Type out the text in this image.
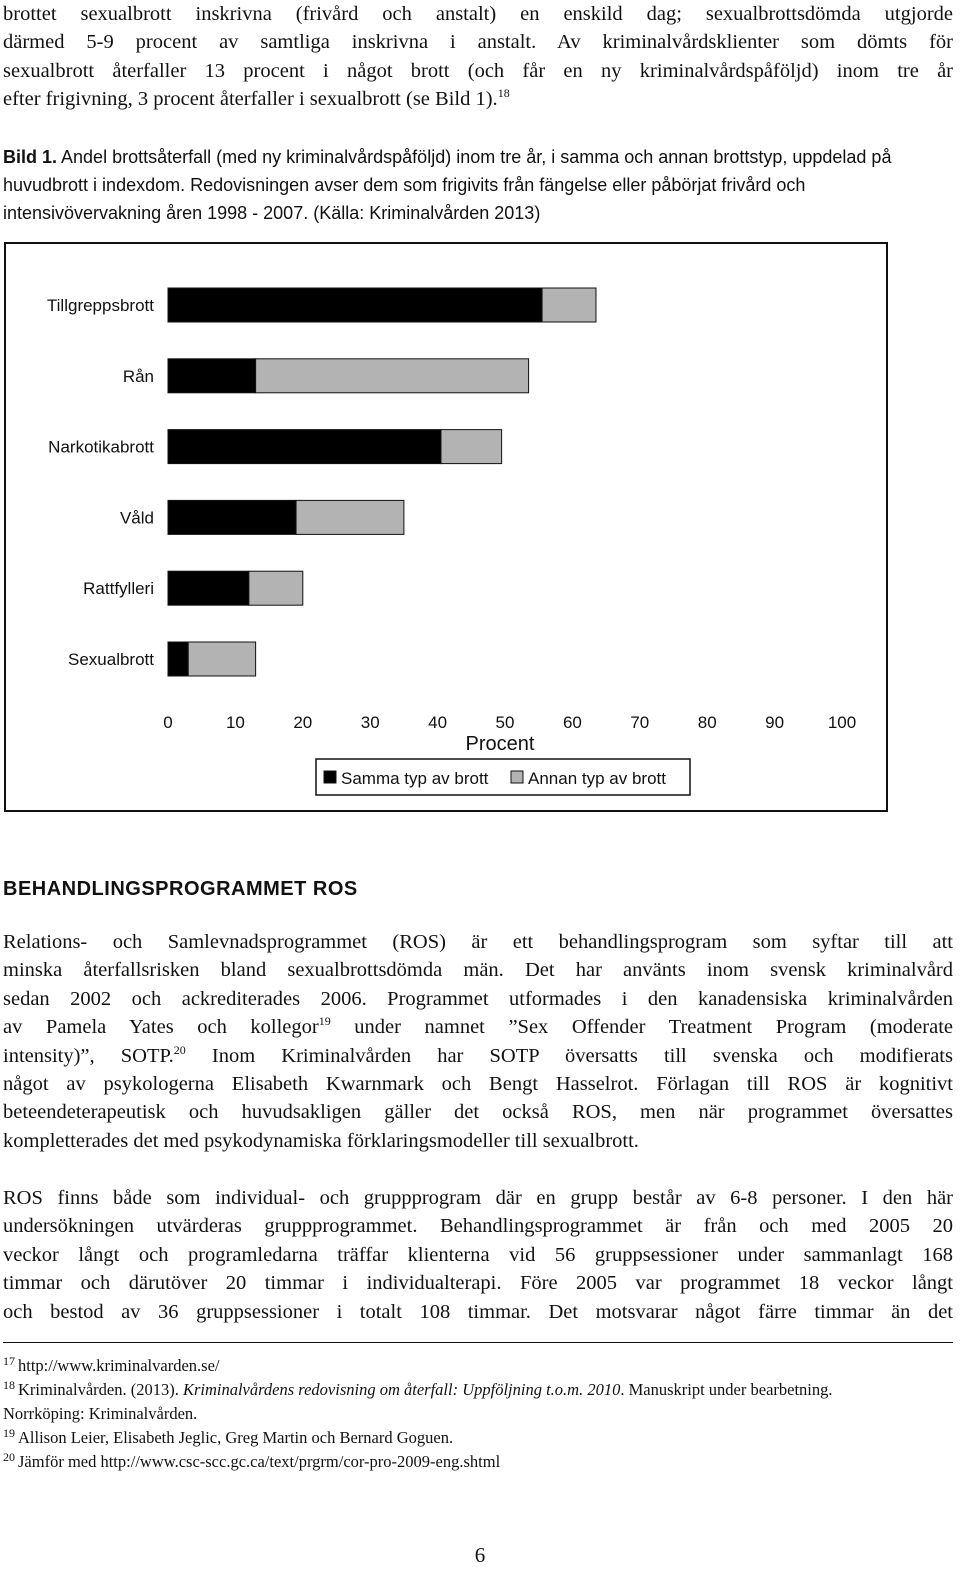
brottet sexualbrott inskrivna (frivård och anstalt) en enskild dag; sexualbrottsdömda utgjorde
därmed 5-9 procent av samtliga inskrivna i anstalt. Av kriminalvårdsklienter som dömts för
sexualbrott återfaller 13 procent i något brott (och får en ny kriminalvårdspåföljd) inom tre år
efter frigivning, 3 procent återfaller i sexualbrott (se Bild 1).$^{18}$
Bild 1. Andel brottsåterfall (med ny kriminalvårdspåföljd) inom tre år, i samma och annan brottstyp, uppdelad på huvudbrott i indexdom. Redovisningen avser dem som frigivits från fängelse eller påbörjat frivård och intensivövervakning åren 1998 - 2007. (Källa: Kriminalvården 2013)
Tillgreppsbrott
Rån
Narkotikabrott
Våld
Rattfylleri
Sexualbrott
0	10	20	30	40	50	60	70	80	90	100
Procent
Samma typ av brott Annan typ av brott
BEHANDLINGSPROGRAMMET ROS
Relations- och Samlevnadsprogrammet (ROS) är ett behandlingsprogram som syftar till att
minska återfallsrisken bland sexualbrottsdömda män. Det har använts inom svensk kriminalvård
sedan 2002 och ackrediterades 2006. Programmet utformades i den kanadensiska kriminalvården
av Pamela Yates och kollegor$^{19}$ under namnet ”Sex Offender Treatment Program (moderate
intensity)”, SOTP.$^{20}$ Inom Kriminalvården har SOTP översatts till svenska och modifierats
något av psykologerna Elisabeth Kwarnmark och Bengt Hasselrot. Förlagan till ROS är kognitivt
beteendeterapeutisk och huvudsakligen gäller det också ROS, men när programmet översattes
kompletterades det med psykodynamiska förklaringsmodeller till sexualbrott.
ROS finns både som individual- och gruppprogram där en grupp består av 6-8 personer. I den här
undersökningen utvärderas gruppprogrammet. Behandlingsprogrammet är från och med 2005 20
veckor långt och programledarna träffar klienterna vid 56 gruppsessioner under sammanlagt 168
timmar och därutöver 20 timmar i individualterapi. Före 2005 var programmet 18 veckor långt
och bestod av 36 gruppsessioner i totalt 108 timmar. Det motsvarar något färre timmar än det
$^{17}$ http://www.kriminalvarden.se/
$^{18}$ Kriminalvården. (2013). Kriminalvårdens redovisning om återfall: Uppföljning t.o.m. 2010. Manuskript under bearbetning.
Norrköping: Kriminalvården.
$^{19}$ Allison Leier, Elisabeth Jeglic, Greg Martin och Bernard Goguen.
$^{20}$ Jämför med http://www.csc-scc.gc.ca/text/prgrm/cor-pro-2009-eng.shtml
6
